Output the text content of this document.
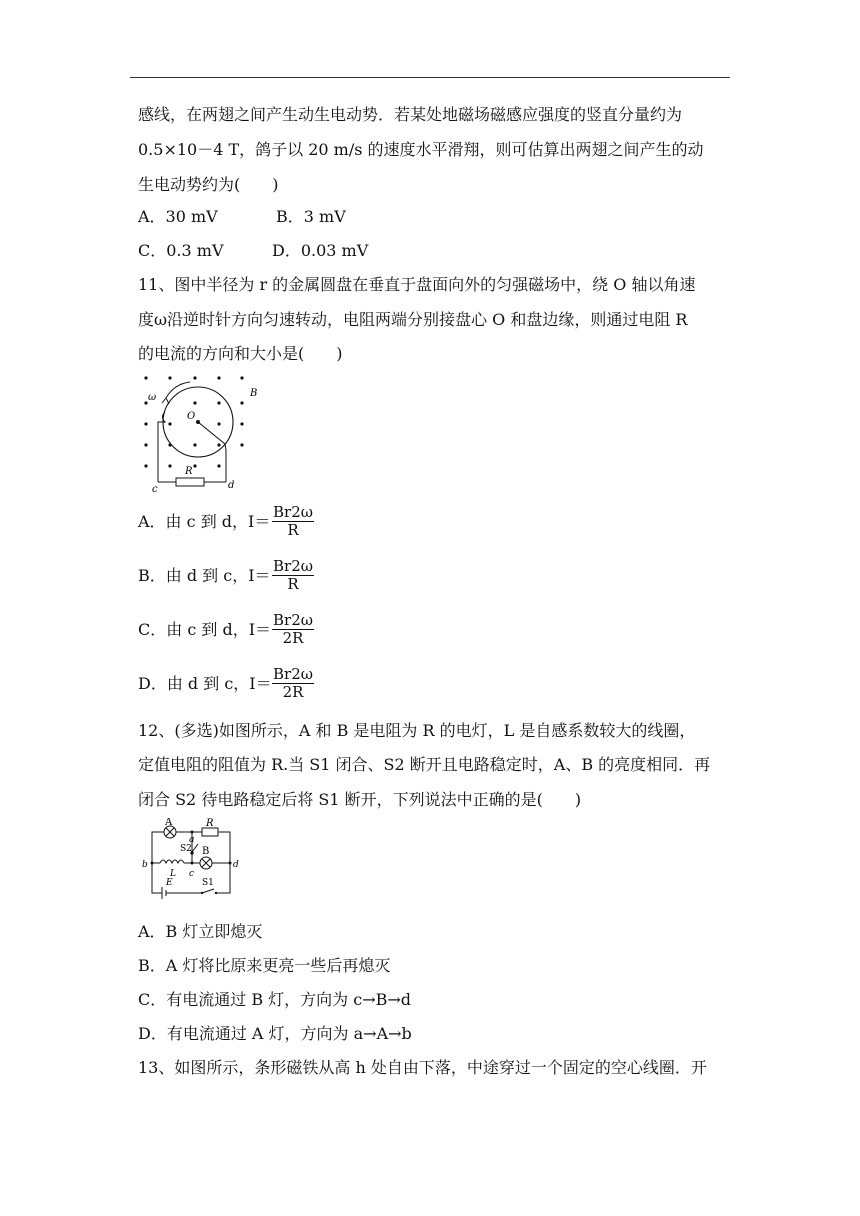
感线，在两翅之间产生动生电动势．若某处地磁场磁感应强度的竖直分量约为
0.5×10－4 T，鸽子以 20 m/s 的速度水平滑翔，则可估算出两翅之间产生的动
生电动势约为(　　)
A．30 mV	B．3 mV
C．0.3 mV	D．0.03 mV
11、图中半径为 r 的金属圆盘在垂直于盘面向外的匀强磁场中，绕 O 轴以角速
度ω沿逆时针方向匀速转动，电阻两端分别接盘心 O 和盘边缘，则通过电阻 R
的电流的方向和大小是(　　)
ω	B
O
R
c	d
A．由 c 到 d，$I= \frac{Br2\omega}{R}$
B．由 d 到 c，$I= \frac{Br2\omega}{R}$
C．由 c 到 d，$I= \frac{Br2\omega}{2R}$
D．由 d 到 c，$I= \frac{Br2\omega}{2R}$
12、(多选)如图所示，A 和 B 是电阻为 R 的电灯，L 是自感系数较大的线圈，
定值电阻的阻值为 R.当 S1 闭合、S2 断开且电路稳定时，A、B 的亮度相同．再
闭合 S2 待电路稳定后将 S1 断开，下列说法中正确的是(　　)
A	R
a
S2 B
b	d
L c
E	S1
A．B 灯立即熄灭
B．A 灯将比原来更亮一些后再熄灭
C．有电流通过 B 灯，方向为 c→B→d
D．有电流通过 A 灯，方向为 a→A→b
13、如图所示，条形磁铁从高 h 处自由下落，中途穿过一个固定的空心线圈．开
